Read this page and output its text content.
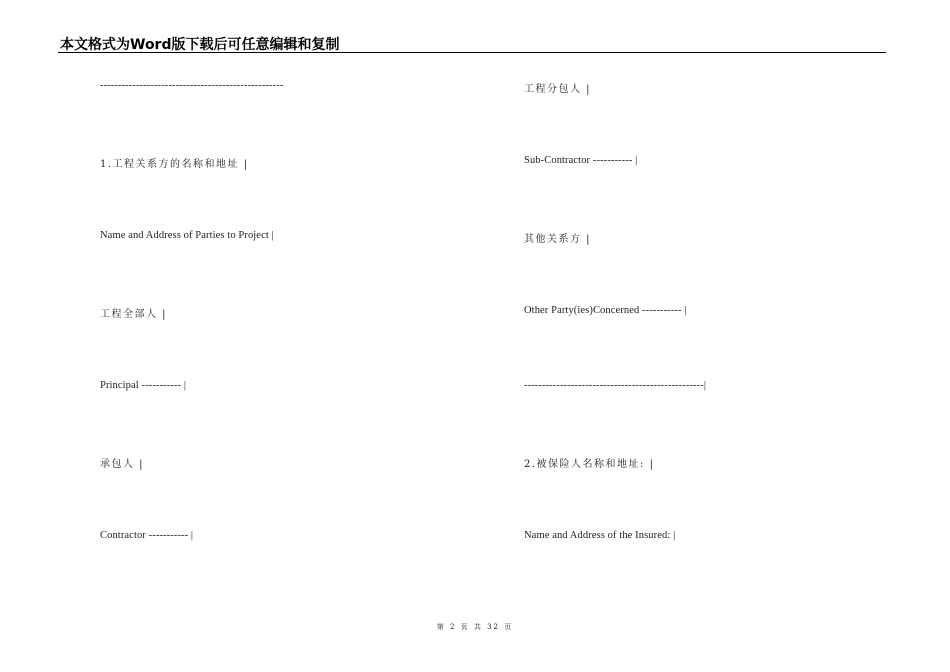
本文格式为Word版下载后可任意编辑和复制
---------------------------------------------------
1.工程关系方的名称和地址 |
Name and Address of Parties to Project |
工程全部人 |
Principal ----------- |
承包人 |
Contractor ----------- |
工程分包人 |
Sub-Contractor ----------- |
其他关系方 |
Other Party(ies)Concerned ----------- |
--------------------------------------------------|
2.被保险人名称和地址: |
Name and Address of the Insured: |
第 2 页 共 32 页
